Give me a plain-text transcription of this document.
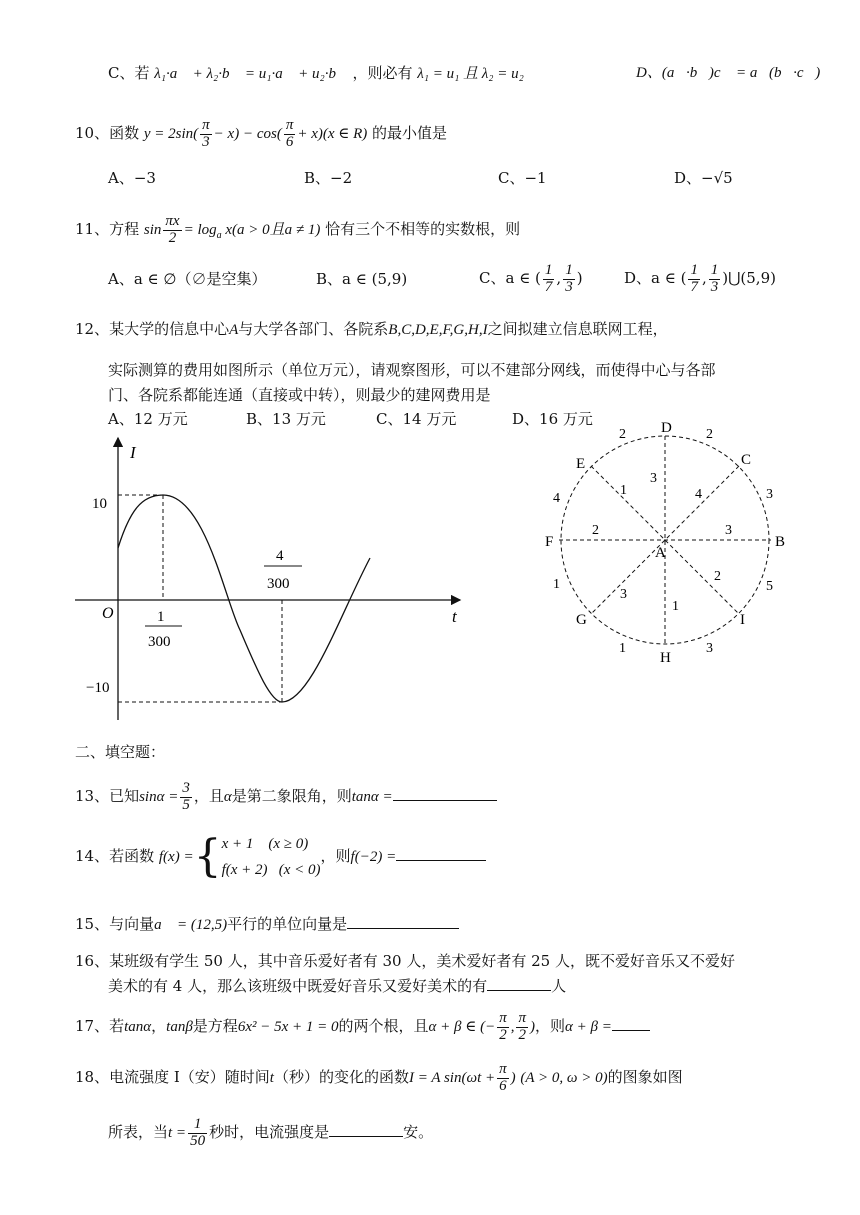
C、若 λ₁·a⃗ + λ₂·b⃗ = u₁·a⃗ + u₂·b⃗ ，则必有 λ₁ = u₁ 且 λ₂ = u₂	D、(a⃗·b⃗)c⃗ = a⃗(b⃗·c⃗)
10、函数 $y = 2\sin( \frac{\pi}{3} - x) - \cos( \frac{\pi}{6} + x)(x$ ∈ R) 的最小值是
A、−3	B、−2	C、−1	D、−√5
11、方程 $\sin \frac{\pi x}{2} = \log_a x(a > 0$且a ≠ 1) 恰有三个不相等的实数根，则
A、a ∈ ∅（∅是空集）	B、a ∈ (5,9)	C、a ∈ ( $\frac{1}{7}$ , $\frac{1}{3}$ )	D、a ∈ ( $\frac{1}{7}$ , $\frac{1}{3}$ )⋃(5,9)
12、某大学的信息中心A与大学各部门、各院系B,C,D,E,F,G,H,I之间拟建立信息联网工程，
实际测算的费用如图所示（单位万元），请观察图形，可以不建部分网线，而使得中心与各部
门、各院系都能连通（直接或中转），则最少的建网费用是
A、12 万元	B、13 万元	C、14 万元	D、16 万元
I
t
O
10
−10
1
300
4
300
D
C
E
F	B
A
G	I
H
2	2
3
1	4	3
4
2	3
1
3
1
2
5
1	3
二、填空题：
13、已知$\sin\alpha = \frac{3}{5}$ ，且α是第二象限角，则tanα =
14、若函数 f(x) ={ x + 1 (x ≥ 0)
f(x + 2) (x < 0)
，则f(−2) =
15、与向量a⃗ = (12,5)平行的单位向量是
16、某班级有学生 50 人，其中音乐爱好者有 30 人，美术爱好者有 25 人，既不爱好音乐又不爱好
美术的有 4 人，那么该班级中既爱好音乐又爱好美术的有	人
17、若tanα，tanβ是方程6x² − 5x + 1 = 0的两个根，且α + β ∈ (− $\frac{\pi}{2}$ , $\frac{\pi}{2}$ )，则α + β =
18、电流强度 I（安）随时间t（秒）的变化的函数I = A $\sin(\omega t + \frac{\pi}{6}$ ) (A > 0, ω > 0)的图象如图
所表，当$t = \frac{1}{50}$ 秒时，电流强度是	安。
